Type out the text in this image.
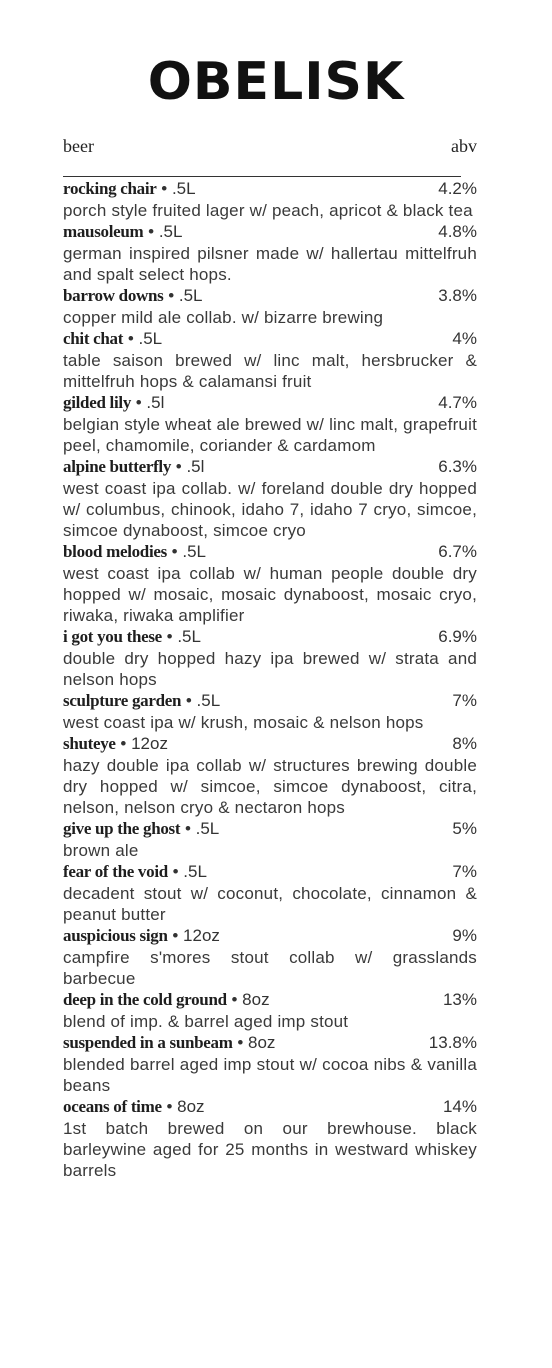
OBELISK
beer	abv
rocking chair • .5L	4.2%
porch style fruited lager w/ peach, apricot & black tea
mausoleum • .5L	4.8%
german inspired pilsner made w/ hallertau mittelfruh and spalt select hops.
barrow downs • .5L	3.8%
copper mild ale collab. w/ bizarre brewing
chit chat • .5L	4%
table saison brewed w/ linc malt, hersbrucker & mittelfruh hops & calamansi fruit
gilded lily • .5l	4.7%
belgian style wheat ale brewed w/ linc malt, grapefruit peel, chamomile, coriander & cardamom
alpine butterfly • .5l	6.3%
west coast ipa collab. w/ foreland double dry hopped w/ columbus, chinook, idaho 7, idaho 7 cryo, simcoe, simcoe dynaboost, simcoe cryo
blood melodies • .5L	6.7%
west coast ipa collab w/ human people double dry hopped w/ mosaic, mosaic dynaboost, mosaic cryo, riwaka, riwaka amplifier
i got you these • .5L	6.9%
double dry hopped hazy ipa brewed w/ strata and nelson hops
sculpture garden • .5L	7%
west coast ipa w/ krush, mosaic & nelson hops
shuteye • 12oz	8%
hazy double ipa collab w/ structures brewing double dry hopped w/ simcoe, simcoe dynaboost, citra, nelson, nelson cryo & nectaron hops
give up the ghost • .5L	5%
brown ale
fear of the void • .5L	7%
decadent stout w/ coconut, chocolate, cinnamon & peanut butter
auspicious sign • 12oz	9%
campfire s'mores stout collab w/ grasslands barbecue
deep in the cold ground • 8oz	13%
blend of imp. & barrel aged imp stout
suspended in a sunbeam • 8oz	13.8%
blended barrel aged imp stout w/ cocoa nibs & vanilla beans
oceans of time • 8oz	14%
1st batch brewed on our brewhouse. black barleywine aged for 25 months in westward whiskey barrels
